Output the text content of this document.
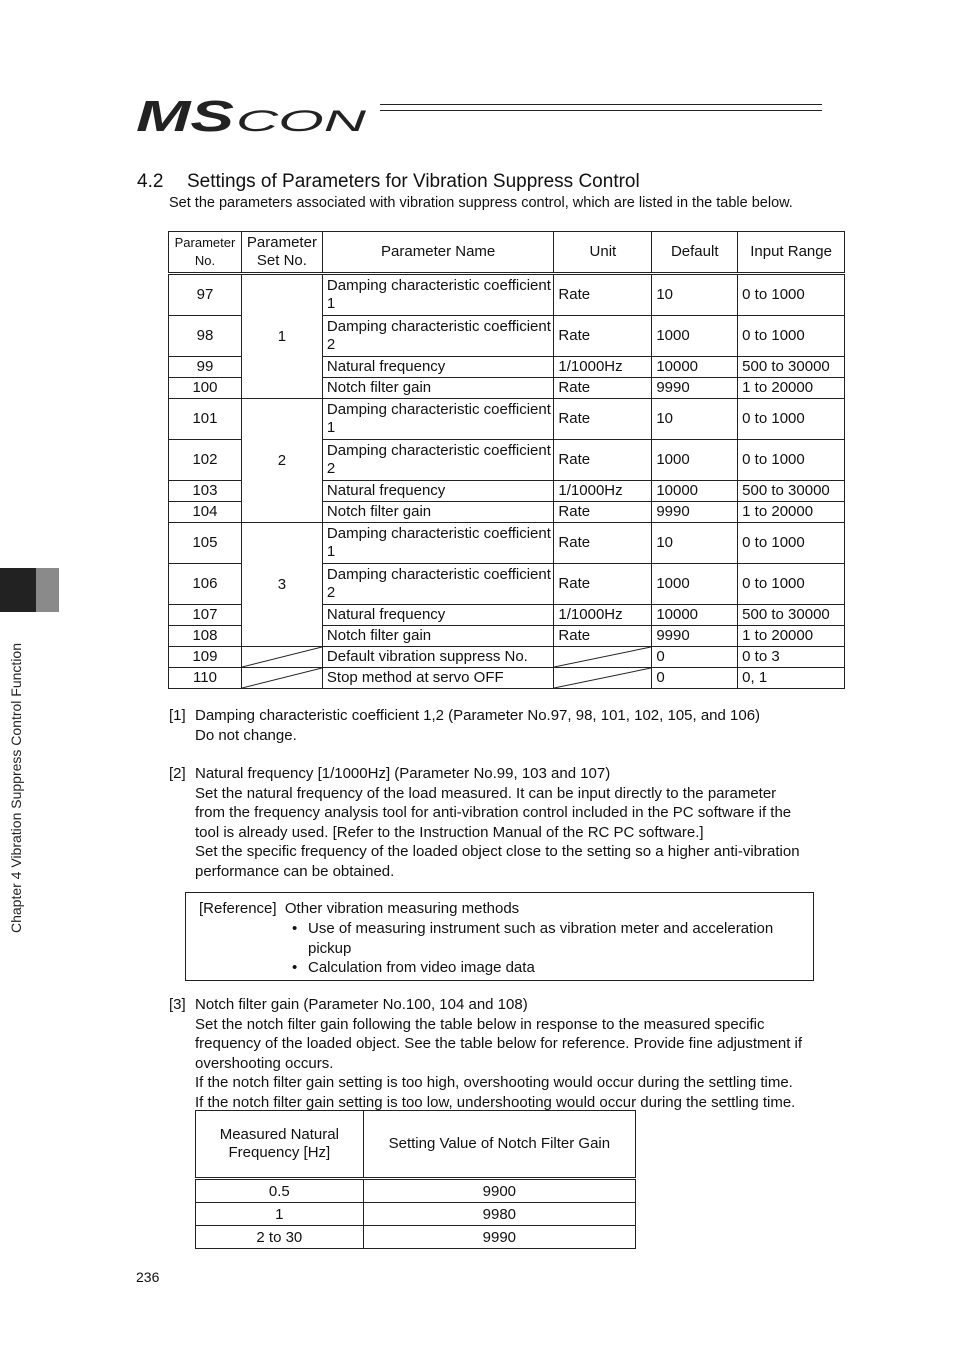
MS CON
Chapter 4 Vibration Suppress Control Function
4.2 Settings of Parameters for Vibration Suppress Control
Set the parameters associated with vibration suppress control, which are listed in the table below.
Parameter No.	Parameter Set No.	Parameter Name	Unit	Default	Input Range
97	1	Damping characteristic coefficient 1	Rate	10	0 to 1000
98		Damping characteristic coefficient 2	Rate	1000	0 to 1000
99		Natural frequency	1/1000Hz	10000	500 to 30000
100		Notch filter gain	Rate	9990	1 to 20000
101	2	Damping characteristic coefficient 1	Rate	10	0 to 1000
102		Damping characteristic coefficient 2	Rate	1000	0 to 1000
103		Natural frequency	1/1000Hz	10000	500 to 30000
104		Notch filter gain	Rate	9990	1 to 20000
105	3	Damping characteristic coefficient 1	Rate	10	0 to 1000
106		Damping characteristic coefficient 2	Rate	1000	0 to 1000
107		Natural frequency	1/1000Hz	10000	500 to 30000
108		Notch filter gain	Rate	9990	1 to 20000
109		Default vibration suppress No.		0	0 to 3
110		Stop method at servo OFF		0	0, 1
[1] Damping characteristic coefficient 1,2 (Parameter No.97, 98, 101, 102, 105, and 106)
Do not change.
[2] Natural frequency [1/1000Hz] (Parameter No.99, 103 and 107)
Set the natural frequency of the load measured. It can be input directly to the parameter
from the frequency analysis tool for anti-vibration control included in the PC software if the
tool is already used. [Refer to the Instruction Manual of the RC PC software.]
Set the specific frequency of the loaded object close to the setting so a higher anti-vibration
performance can be obtained.
[Reference] Other vibration measuring methods
• Use of measuring instrument such as vibration meter and acceleration pickup
• Calculation from video image data
[3] Notch filter gain (Parameter No.100, 104 and 108)
Set the notch filter gain following the table below in response to the measured specific
frequency of the loaded object. See the table below for reference. Provide fine adjustment if
overshooting occurs.
If the notch filter gain setting is too high, overshooting would occur during the settling time.
If the notch filter gain setting is too low, undershooting would occur during the settling time.
Measured Natural Frequency [Hz]	Setting Value of Notch Filter Gain
0.5	9900
1	9980
2 to 30	9990
236
